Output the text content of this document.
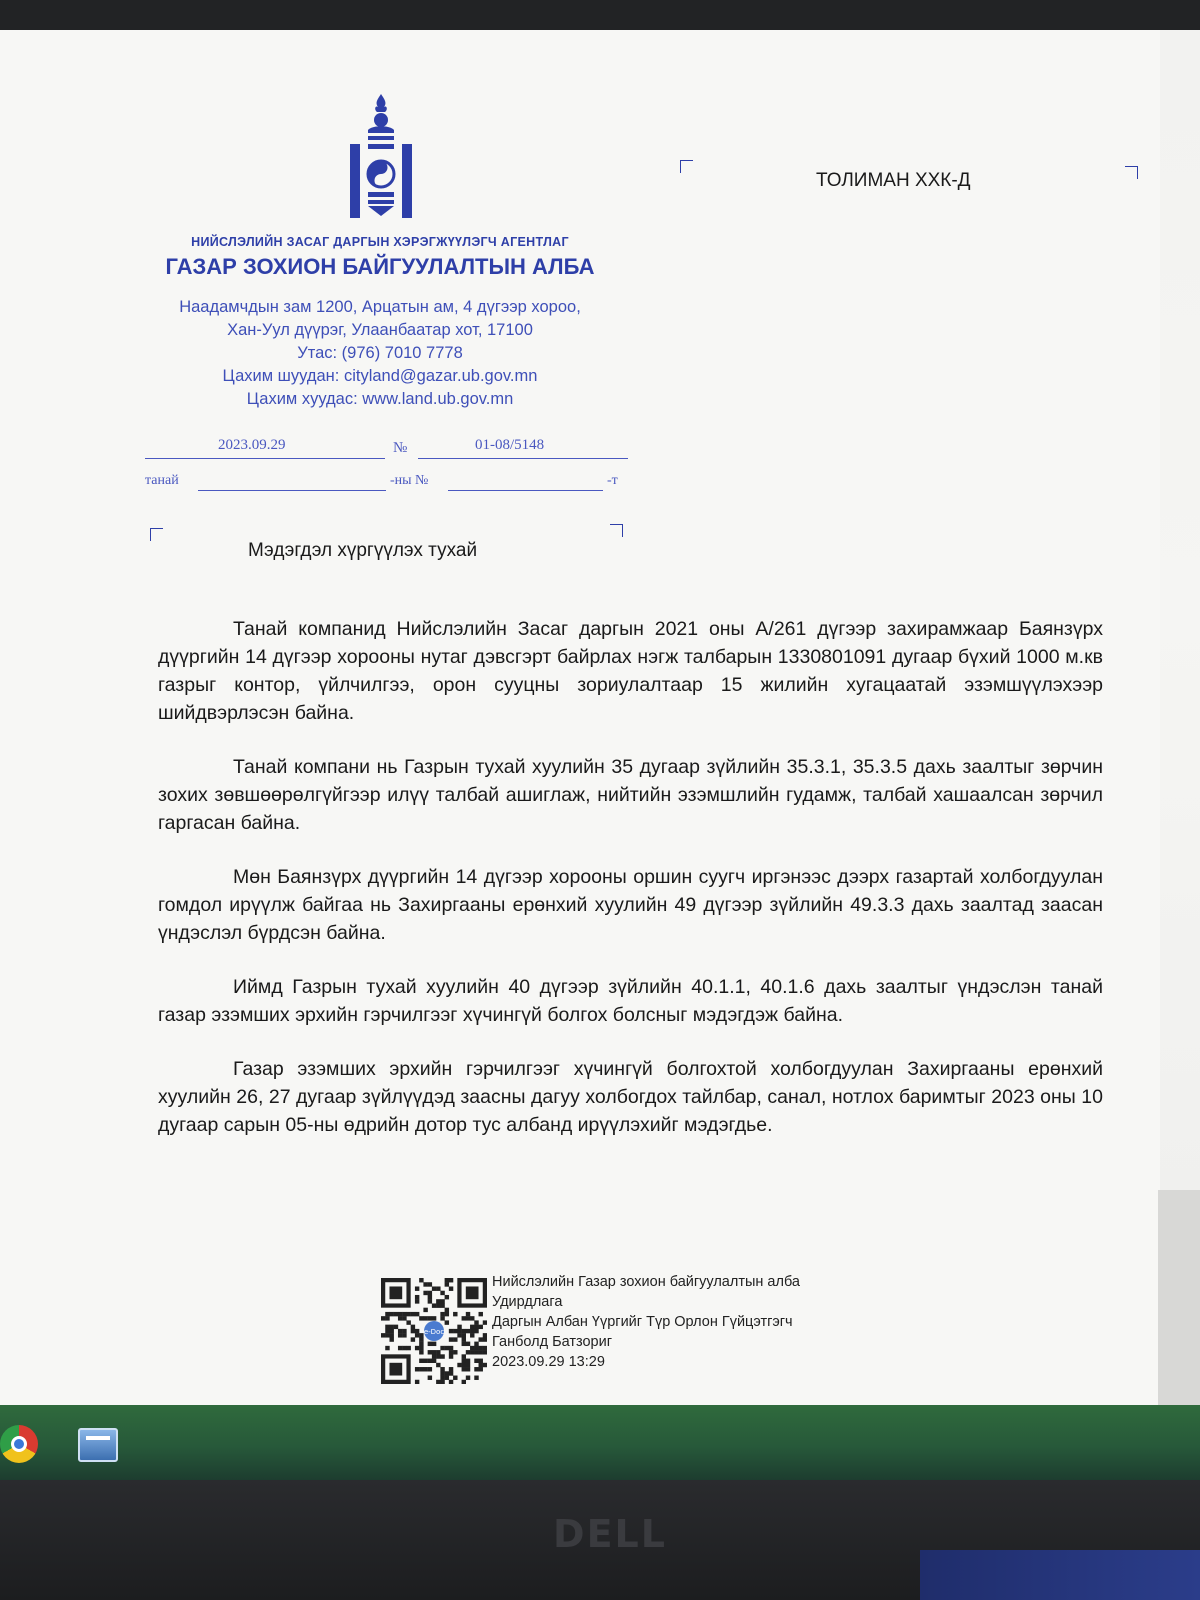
НИЙСЛЭЛИЙН ЗАСАГ ДАРГЫН ХЭРЭГЖҮҮЛЭГЧ АГЕНТЛАГ
ГАЗАР ЗОХИОН БАЙГУУЛАЛТЫН АЛБА
Наадамчдын зам 1200, Арцатын ам, 4 дүгээр хороо,
Хан-Уул дүүрэг, Улаанбаатар хот, 17100
Утас: (976) 7010 7778
Цахим шуудан: cityland@gazar.ub.gov.mn
Цахим хуудас: www.land.ub.gov.mn
2023.09.29	№	01-08/5148
танай	-ны №	-т
ТОЛИМАН ХХК-Д
Мэдэгдэл хүргүүлэх тухай

Танай компанид Нийслэлийн Засаг даргын 2021 оны А/261 дүгээр захирамжаар Баянзүрх дүүргийн 14 дүгээр хорооны нутаг дэвсгэрт байрлах нэгж талбарын 1330801091 дугаар бүхий 1000 м.кв газрыг контор, үйлчилгээ, орон сууцны зориулалтаар 15 жилийн хугацаатай эзэмшүүлэхээр шийдвэрлэсэн байна.

Танай компани нь Газрын тухай хуулийн 35 дугаар зүйлийн 35.3.1, 35.3.5 дахь заалтыг зөрчин зохих зөвшөөрөлгүйгээр илүү талбай ашиглаж, нийтийн эзэмшлийн гудамж, талбай хашаалсан зөрчил гаргасан байна.

Мөн Баянзүрх дүүргийн 14 дүгээр хорооны оршин суугч иргэнээс дээрх газартай холбогдуулан гомдол ирүүлж байгаа нь Захиргааны ерөнхий хуулийн 49 дүгээр зүйлийн 49.3.3 дахь заалтад заасан үндэслэл бүрдсэн байна.

Иймд Газрын тухай хуулийн 40 дүгээр зүйлийн 40.1.1, 40.1.6 дахь заалтыг үндэслэн танай газар эзэмших эрхийн гэрчилгээг хүчингүй болгох болсныг мэдэгдэж байна.

Газар эзэмших эрхийн гэрчилгээг хүчингүй болгохтой холбогдуулан Захиргааны ерөнхий хуулийн 26, 27 дугаар зүйлүүдэд заасны дагуу холбогдох тайлбар, санал, нотлох баримтыг 2023 оны 10 дугаар сарын 05-ны өдрийн дотор тус албанд ирүүлэхийг мэдэгдье.

e-Doc
Нийслэлийн Газар зохион байгуулалтын алба
Удирдлага
Даргын Албан Үүргийг Түр Орлон Гүйцэтгэгч
Ганболд Батзориг
2023.09.29 13:29
DELL
